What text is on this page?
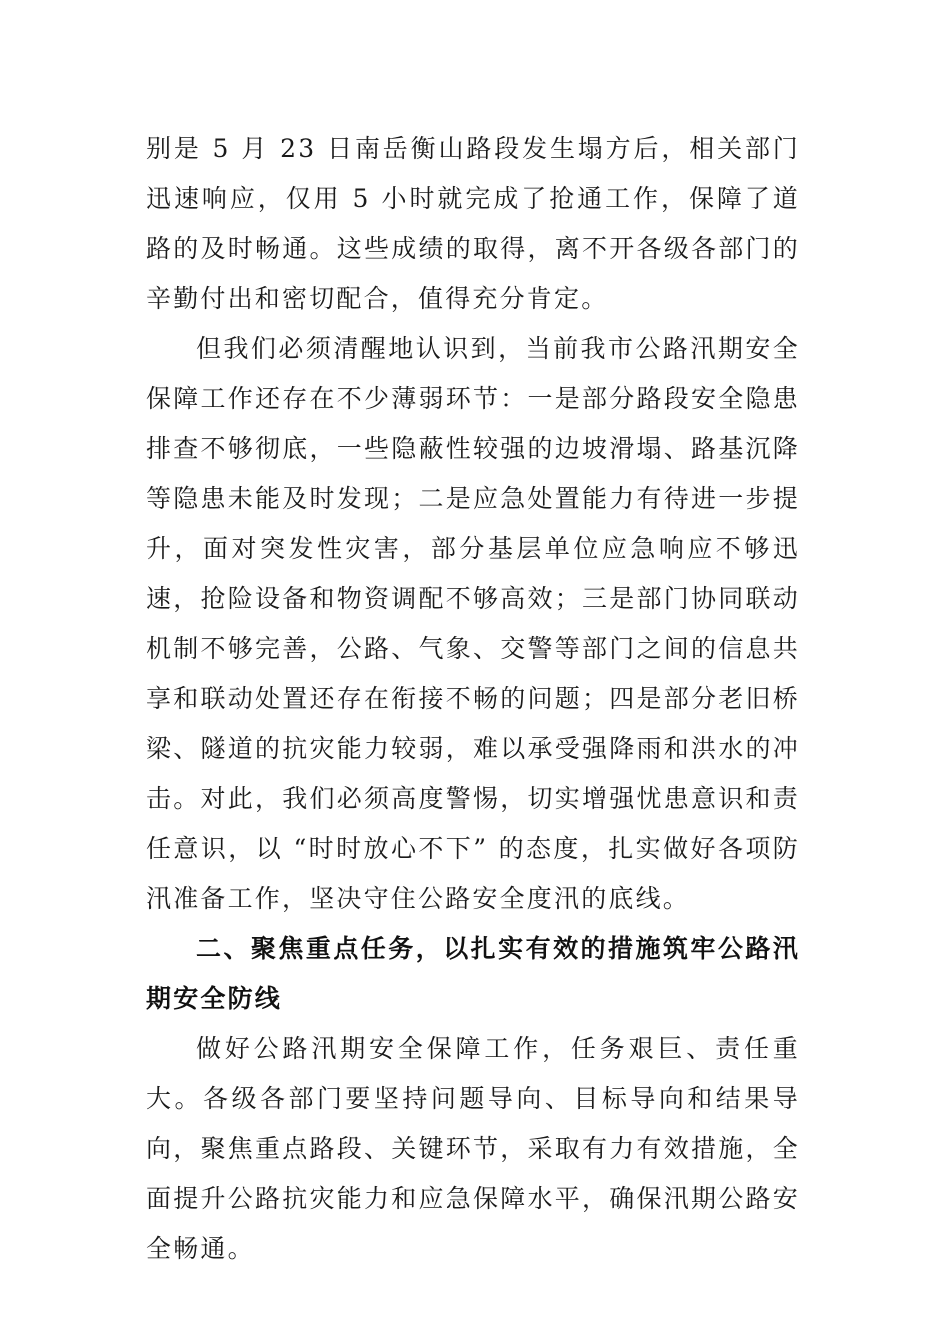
别是 5 月 23 日南岳衡山路段发生塌方后，相关部门迅速响应，仅用 5 小时就完成了抢通工作，保障了道路的及时畅通。这些成绩的取得，离不开各级各部门的辛勤付出和密切配合，值得充分肯定。

但我们必须清醒地认识到，当前我市公路汛期安全保障工作还存在不少薄弱环节：一是部分路段安全隐患排查不够彻底，一些隐蔽性较强的边坡滑塌、路基沉降等隐患未能及时发现；二是应急处置能力有待进一步提升，面对突发性灾害，部分基层单位应急响应不够迅速，抢险设备和物资调配不够高效；三是部门协同联动机制不够完善，公路、气象、交警等部门之间的信息共享和联动处置还存在衔接不畅的问题；四是部分老旧桥梁、隧道的抗灾能力较弱，难以承受强降雨和洪水的冲击。对此，我们必须高度警惕，切实增强忧患意识和责任意识，以 “时时放心不下” 的态度，扎实做好各项防汛准备工作，坚决守住公路安全度汛的底线。

二、聚焦重点任务，以扎实有效的措施筑牢公路汛期安全防线

做好公路汛期安全保障工作，任务艰巨、责任重大。各级各部门要坚持问题导向、目标导向和结果导向，聚焦重点路段、关键环节，采取有力有效措施，全面提升公路抗灾能力和应急保障水平，确保汛期公路安全畅通。
